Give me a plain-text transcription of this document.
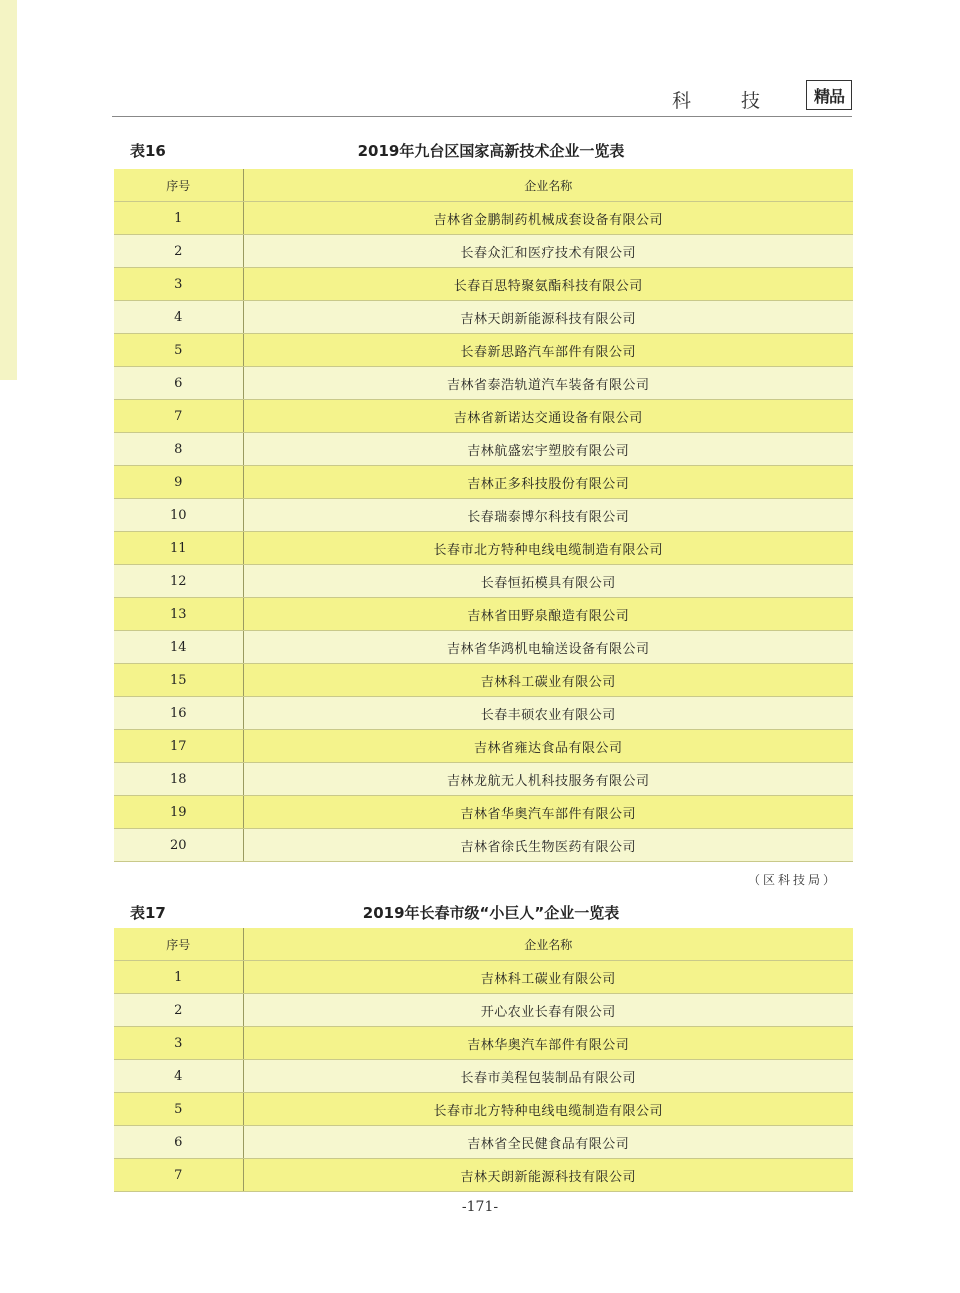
科 技 精品
表16	2019年九台区国家高新技术企业一览表
序号	企业名称
1	吉林省金鹏制药机械成套设备有限公司
2	长春众汇和医疗技术有限公司
3	长春百思特聚氨酯科技有限公司
4	吉林天朗新能源科技有限公司
5	长春新思路汽车部件有限公司
6	吉林省泰浩轨道汽车装备有限公司
7	吉林省新诺达交通设备有限公司
8	吉林航盛宏宇塑胶有限公司
9	吉林正多科技股份有限公司
10	长春瑞泰博尔科技有限公司
11	长春市北方特种电线电缆制造有限公司
12	长春恒拓模具有限公司
13	吉林省田野泉酿造有限公司
14	吉林省华鸿机电输送设备有限公司
15	吉林科工碳业有限公司
16	长春丰硕农业有限公司
17	吉林省雍达食品有限公司
18	吉林龙航无人机科技服务有限公司
19	吉林省华奥汽车部件有限公司
20	吉林省徐氏生物医药有限公司
（区科技局）
表17	2019年长春市级“小巨人”企业一览表
序号	企业名称
1	吉林科工碳业有限公司
2	开心农业长春有限公司
3	吉林华奥汽车部件有限公司
4	长春市美程包装制品有限公司
5	长春市北方特种电线电缆制造有限公司
6	吉林省全民健食品有限公司
7	吉林天朗新能源科技有限公司
-171-
